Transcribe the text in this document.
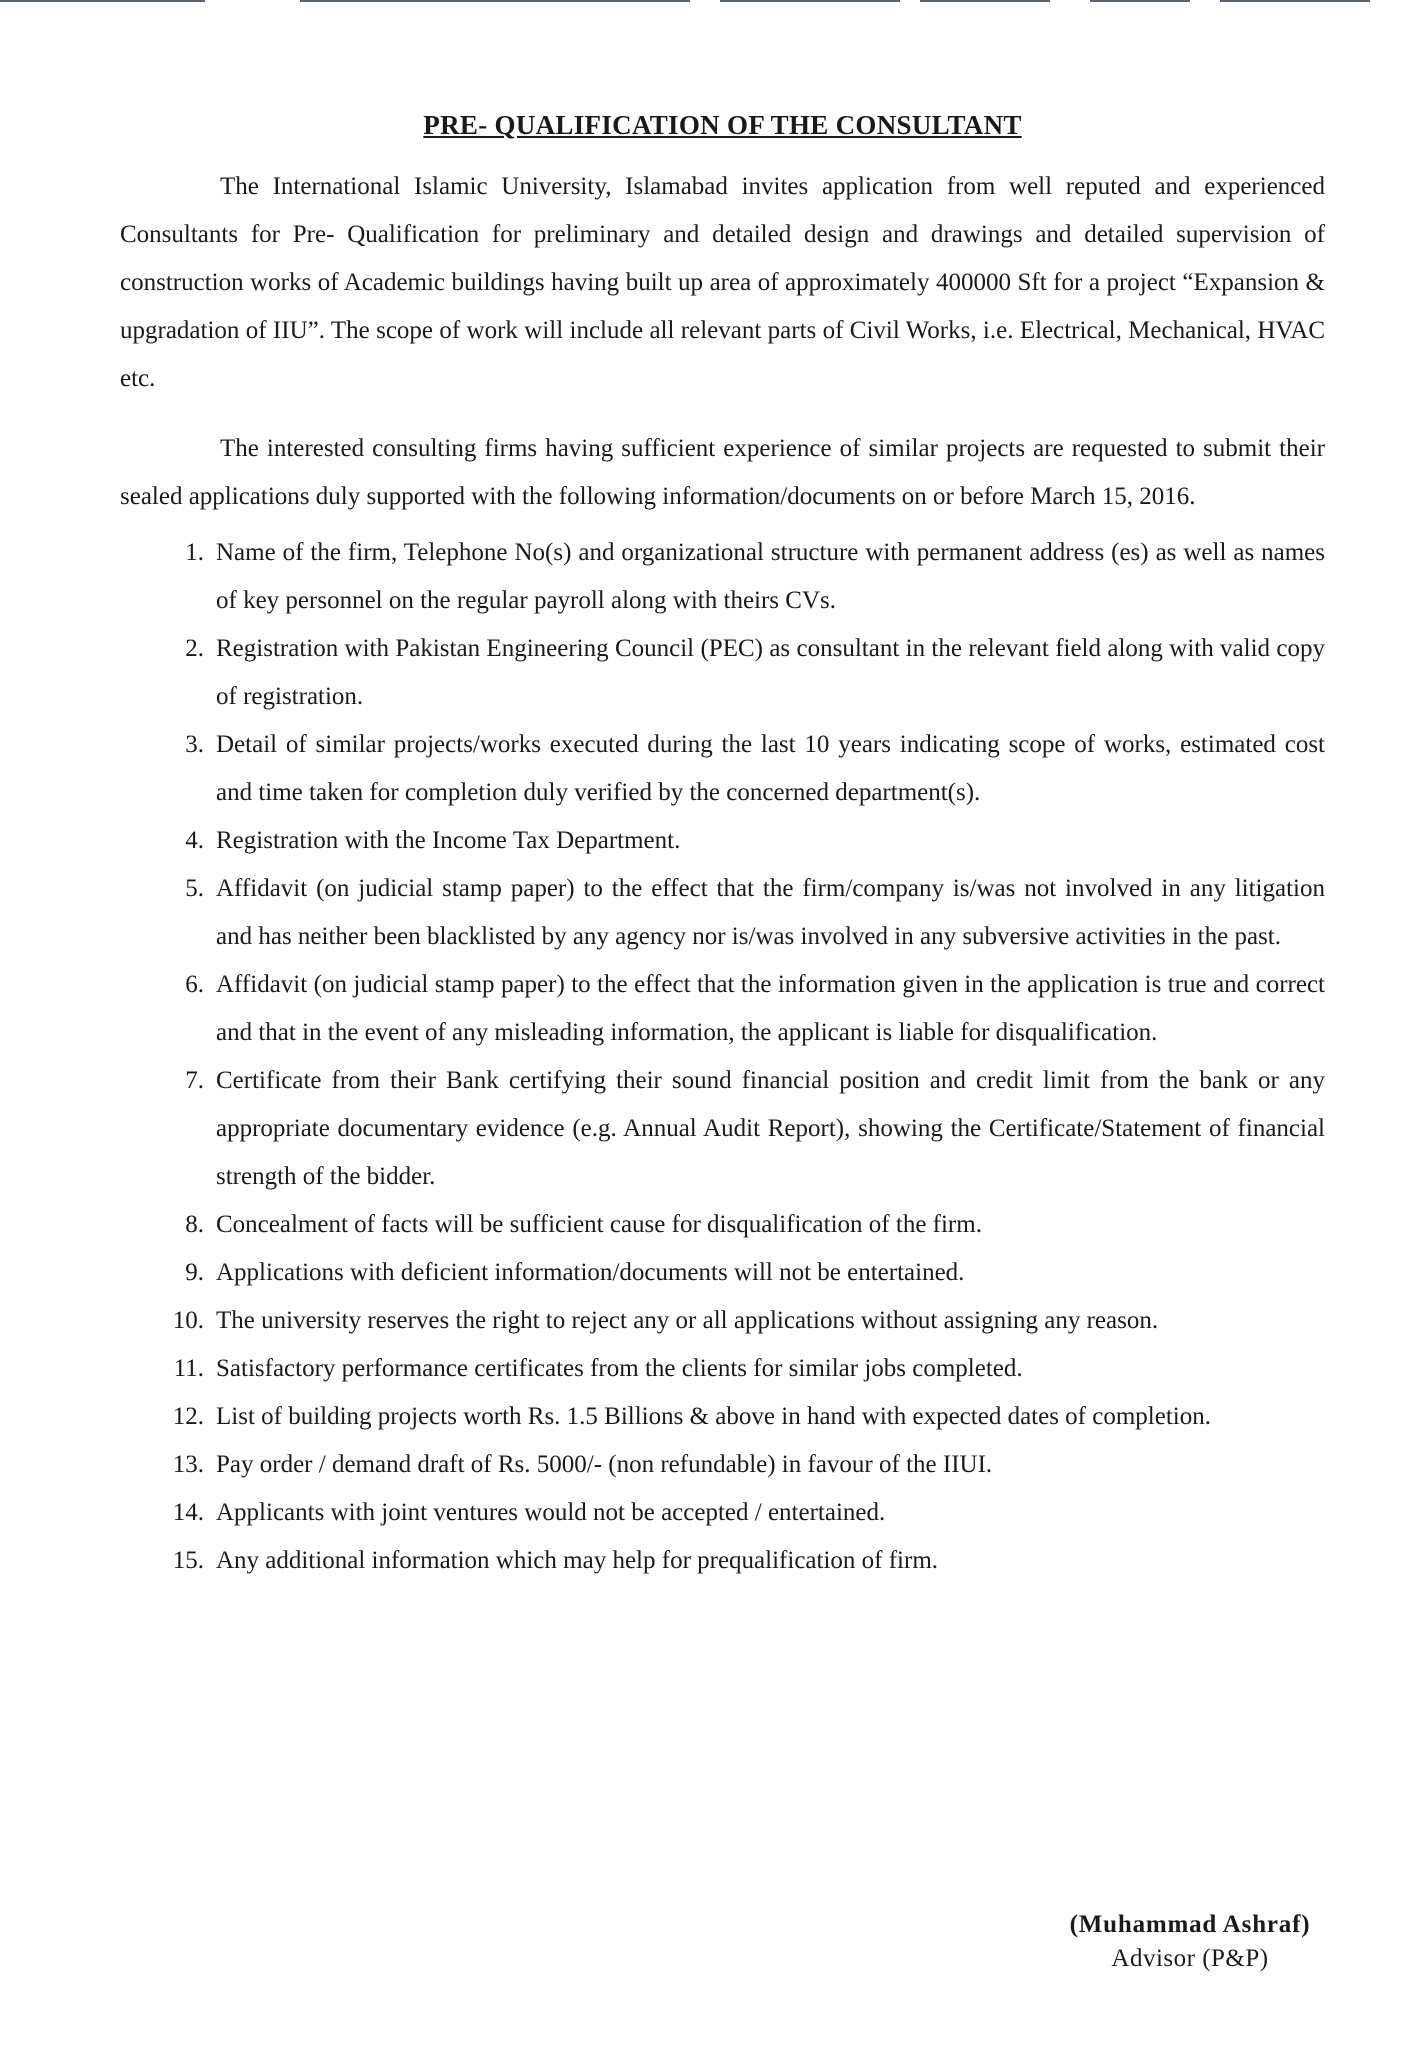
PRE- QUALIFICATION OF THE CONSULTANT

The International Islamic University, Islamabad invites application from well reputed and experienced Consultants for Pre- Qualification for preliminary and detailed design and drawings and detailed supervision of construction works of Academic buildings having built up area of approximately 400000 Sft for a project “Expansion & upgradation of IIU”. The scope of work will include all relevant parts of Civil Works, i.e. Electrical, Mechanical, HVAC etc.

The interested consulting firms having sufficient experience of similar projects are requested to submit their sealed applications duly supported with the following information/documents on or before March 15, 2016.

1. Name of the firm, Telephone No(s) and organizational structure with permanent address (es) as well as names of key personnel on the regular payroll along with theirs CVs.
2. Registration with Pakistan Engineering Council (PEC) as consultant in the relevant field along with valid copy of registration.
3. Detail of similar projects/works executed during the last 10 years indicating scope of works, estimated cost and time taken for completion duly verified by the concerned department(s).
4. Registration with the Income Tax Department.
5. Affidavit (on judicial stamp paper) to the effect that the firm/company is/was not involved in any litigation and has neither been blacklisted by any agency nor is/was involved in any subversive activities in the past.
6. Affidavit (on judicial stamp paper) to the effect that the information given in the application is true and correct and that in the event of any misleading information, the applicant is liable for disqualification.
7. Certificate from their Bank certifying their sound financial position and credit limit from the bank or any appropriate documentary evidence (e.g. Annual Audit Report), showing the Certificate/Statement of financial strength of the bidder.
8. Concealment of facts will be sufficient cause for disqualification of the firm.
9. Applications with deficient information/documents will not be entertained.
10. The university reserves the right to reject any or all applications without assigning any reason.
11. Satisfactory performance certificates from the clients for similar jobs completed.
12. List of building projects worth Rs. 1.5 Billions & above in hand with expected dates of completion.
13. Pay order / demand draft of Rs. 5000/- (non refundable) in favour of the IIUI.
14. Applicants with joint ventures would not be accepted / entertained.
15. Any additional information which may help for prequalification of firm.
(Muhammad Ashraf)
Advisor (P&P)
